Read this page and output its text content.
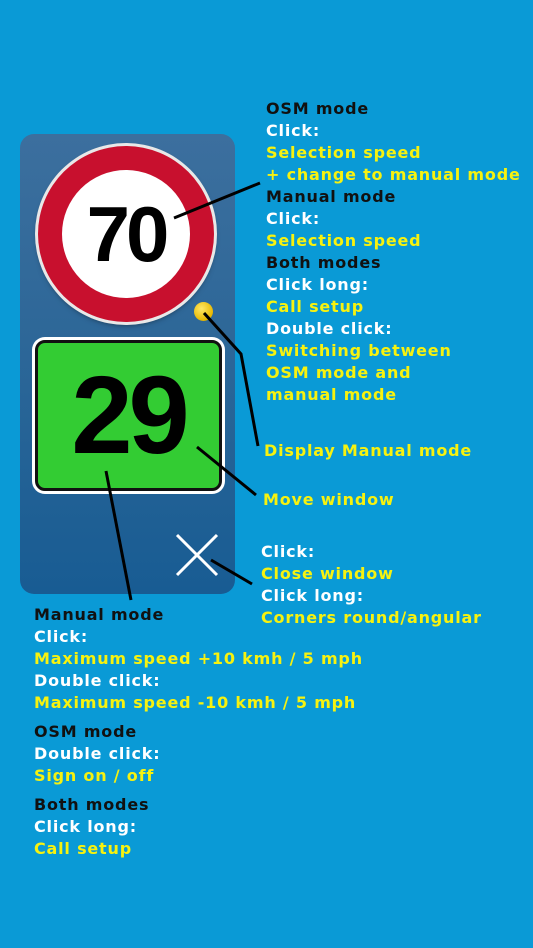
70
29
OSM mode
Click:
Selection speed
+ change to manual mode
Manual mode
Click:
Selection speed
Both modes
Click long:
Call setup
Double click:
Switching between
OSM mode and
manual mode
Display Manual mode
Move window
Click:
Close window
Click long:
Corners round/angular
Manual mode
Click:
Maximum speed +10 kmh / 5 mph
Double click:
Maximum speed -10 kmh / 5 mph
OSM mode
Double click:
Sign on / off
Both modes
Click long:
Call setup
